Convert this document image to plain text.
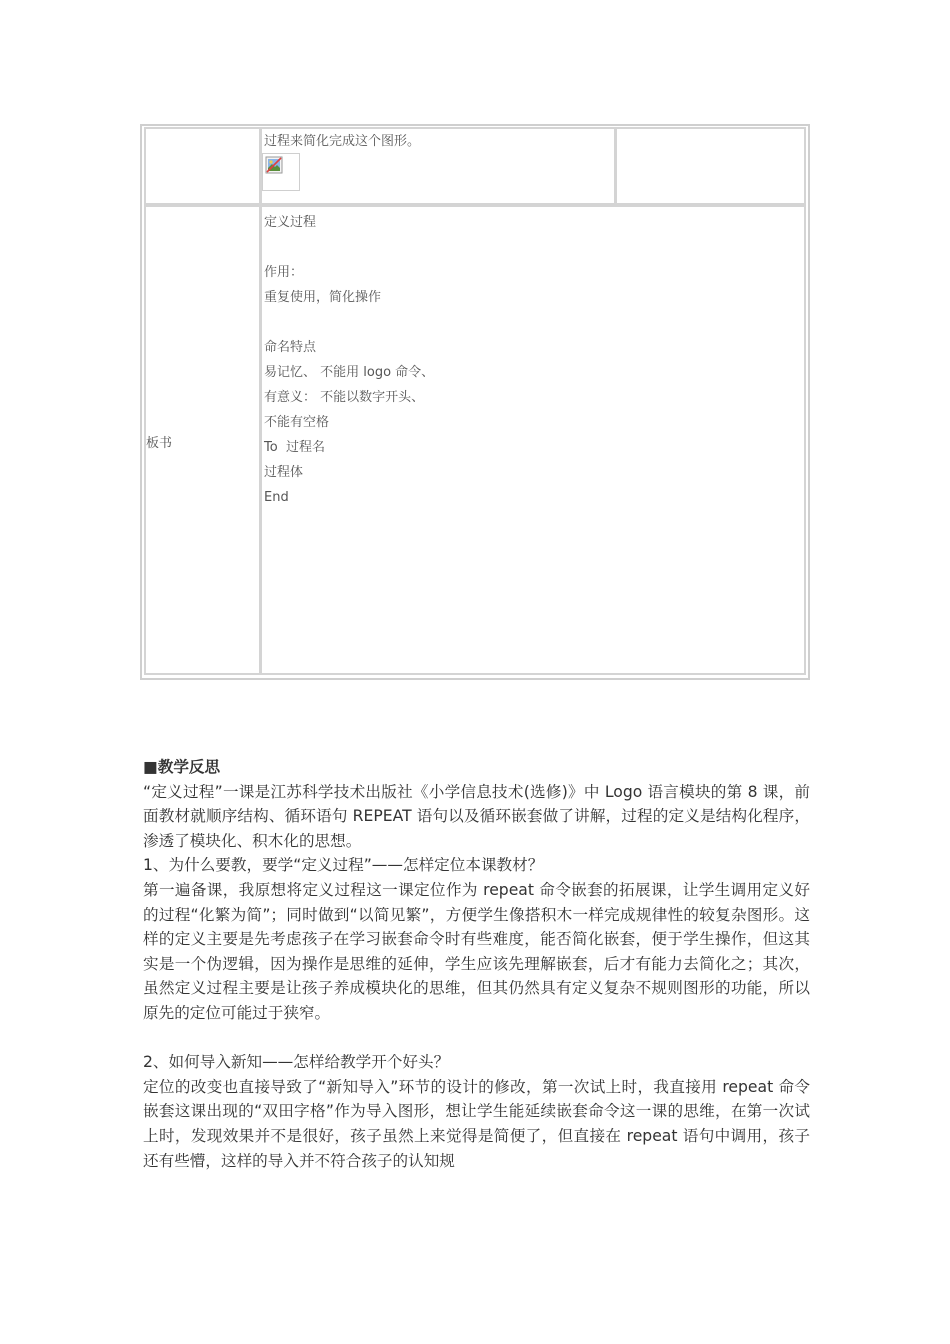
过程来简化完成这个图形。
板书
定义过程
作用：
重复使用，简化操作
命名特点
易记忆、 不能用 logo 命令、
有意义： 不能以数字开头、
不能有空格
To  过程名
过程体
End

■教学反思

“定义过程”一课是江苏科学技术出版社《小学信息技术(选修)》中 Logo 语言模块的第 8 课，前面教材就顺序结构、循环语句 REPEAT 语句以及循环嵌套做了讲解，过程的定义是结构化程序，渗透了模块化、积木化的思想。

1、为什么要教，要学“定义过程”——怎样定位本课教材？

第一遍备课，我原想将定义过程这一课定位作为 repeat 命令嵌套的拓展课，让学生调用定义好的过程“化繁为简”；同时做到“以简见繁”，方便学生像搭积木一样完成规律性的较复杂图形。这样的定义主要是先考虑孩子在学习嵌套命令时有些难度，能否简化嵌套，便于学生操作，但这其实是一个伪逻辑，因为操作是思维的延伸，学生应该先理解嵌套，后才有能力去简化之；其次，虽然定义过程主要是让孩子养成模块化的思维，但其仍然具有定义复杂不规则图形的功能，所以原先的定位可能过于狭窄。

2、如何导入新知——怎样给教学开个好头？

定位的改变也直接导致了“新知导入”环节的设计的修改，第一次试上时，我直接用 repeat 命令嵌套这课出现的“双田字格”作为导入图形，想让学生能延续嵌套命令这一课的思维，在第一次试上时，发现效果并不是很好，孩子虽然上来觉得是简便了，但直接在 repeat 语句中调用，孩子还有些懵，这样的导入并不符合孩子的认知规
